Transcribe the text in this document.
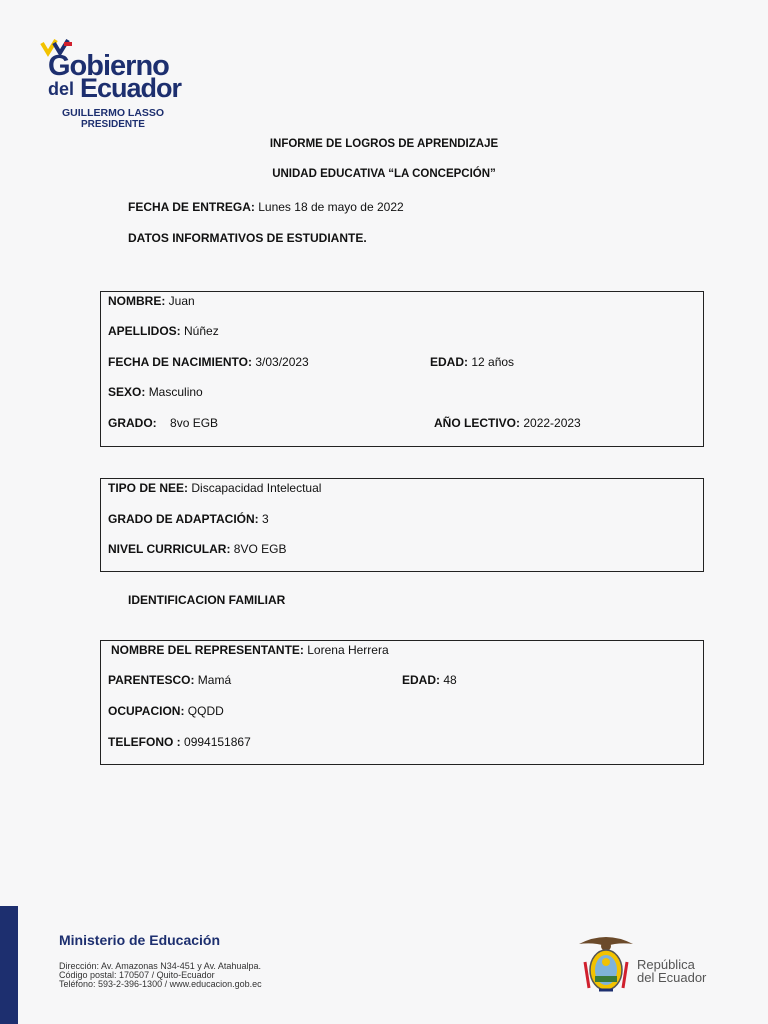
Gobierno
del Ecuador
GUILLERMO LASSO
PRESIDENTE
INFORME DE LOGROS DE APRENDIZAJE
UNIDAD EDUCATIVA “LA CONCEPCIÓN”
FECHA DE ENTREGA: Lunes 18 de mayo de 2022
DATOS INFORMATIVOS DE ESTUDIANTE.
NOMBRE: Juan
APELLIDOS: Núñez
FECHA DE NACIMIENTO: 3/03/2023	EDAD: 12 años
SEXO: Masculino
GRADO: 8vo EGB	AÑO LECTIVO: 2022-2023
TIPO DE NEE: Discapacidad Intelectual
GRADO DE ADAPTACIÓN: 3
NIVEL CURRICULAR: 8VO EGB
IDENTIFICACION FAMILIAR
NOMBRE DEL REPRESENTANTE: Lorena Herrera
PARENTESCO: Mamá	EDAD: 48
OCUPACION: QQDD
TELEFONO : 0994151867
Ministerio de Educación
Dirección: Av. Amazonas N34-451 y Av. Atahualpa.
Código postal: 170507 / Quito-Ecuador
Teléfono: 593-2-396-1300 / www.educacion.gob.ec
República
del Ecuador
